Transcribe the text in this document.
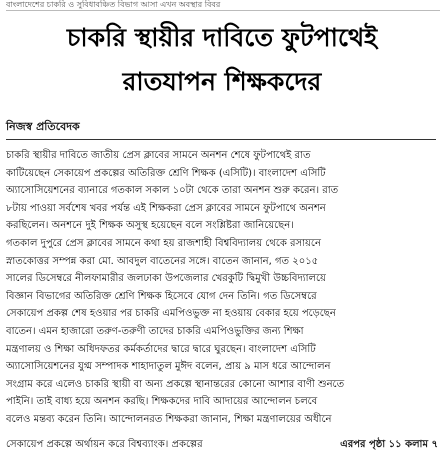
বাংলাদেশের চাকরি ও সুবিধাবঞ্চিত বিভাগ আসা এখন অবস্থার বিবর
চাকরি স্থায়ীর দাবিতে ফুটপাথেই
রাতযাপন শিক্ষকদের
নিজস্ব প্রতিবেদক
চাকরি স্থায়ীর দাবিতে জাতীয় প্রেস ক্লাবের সামনে অনশন শেষে ফুটপাথেই রাত
কাটিয়েছেন সেকায়েপ প্রকল্পের অতিরিক্ত শ্রেণি শিক্ষক (এসিটি)। বাংলাদেশ এসিটি
অ্যাসোসিয়েশনের ব্যানারে গতকাল সকাল ১০টা থেকে তারা অনশন শুরু করেন। রাত
৮টায় পাওয়া সর্বশেষ খবর পর্যন্ত এই শিক্ষকরা প্রেস ক্লাবের সামনে ফুটপাথে অনশন
করছিলেন। অনশনে দুই শিক্ষক অসুস্থ হয়েছেন বলে সংশ্লিষ্টরা জানিয়েছেন।
গতকাল দুপুরে প্রেস ক্লাবের সামনে কথা হয় রাজশাহী বিশ্ববিদ্যালয় থেকে রসায়নে
স্নাতকোত্তর সম্পন্ন করা মো. আবদুল বাতেনের সঙ্গে। বাতেন জানান, গত ২০১৫
সালের ডিসেম্বরে নীলফামারীর জলঢাকা উপজেলার খেরকুটি দ্বিমুখী উচ্চবিদ্যালয়ে
বিজ্ঞান বিভাগের অতিরিক্ত শ্রেণি শিক্ষক হিসেবে যোগ দেন তিনি। গত ডিসেম্বরে
সেকায়েপ প্রকল্প শেষ হওয়ার পর চাকরি এমপিওভুক্ত না হওয়ায় বেকার হয়ে পড়েছেন
বাতেন। এমন হাজারো তরুণ-তরুণী তাদের চাকরি এমপিওভুক্তির জন্য শিক্ষা
মন্ত্রণালয় ও শিক্ষা অধিদফতর কর্মকর্তাদের দ্বারে দ্বারে ঘুরছেন। বাংলাদেশ এসিটি
অ্যাসোসিয়েশনের যুগ্ম সম্পাদক শাহাদাতুল মুঈদ বলেন, প্রায় ৯ মাস ধরে আন্দোলন
সংগ্রাম করে এলেও চাকরি স্থায়ী বা অন্য প্রকল্পে স্থানান্তরের কোনো আশার বাণী শুনতে
পাইনি। তাই বাধ্য হয়ে অনশন করছি। শিক্ষকদের দাবি আদায়ের আন্দোলন চলবে
বলেও মন্তব্য করেন তিনি। আন্দোলনরত শিক্ষকরা জানান, শিক্ষা মন্ত্রণালয়ের অধীনে
সেকায়েপ প্রকল্পে অর্থায়ন করে বিশ্বব্যাংক। প্রকল্পের	এরপর পৃষ্ঠা ১১ কলাম ৭
